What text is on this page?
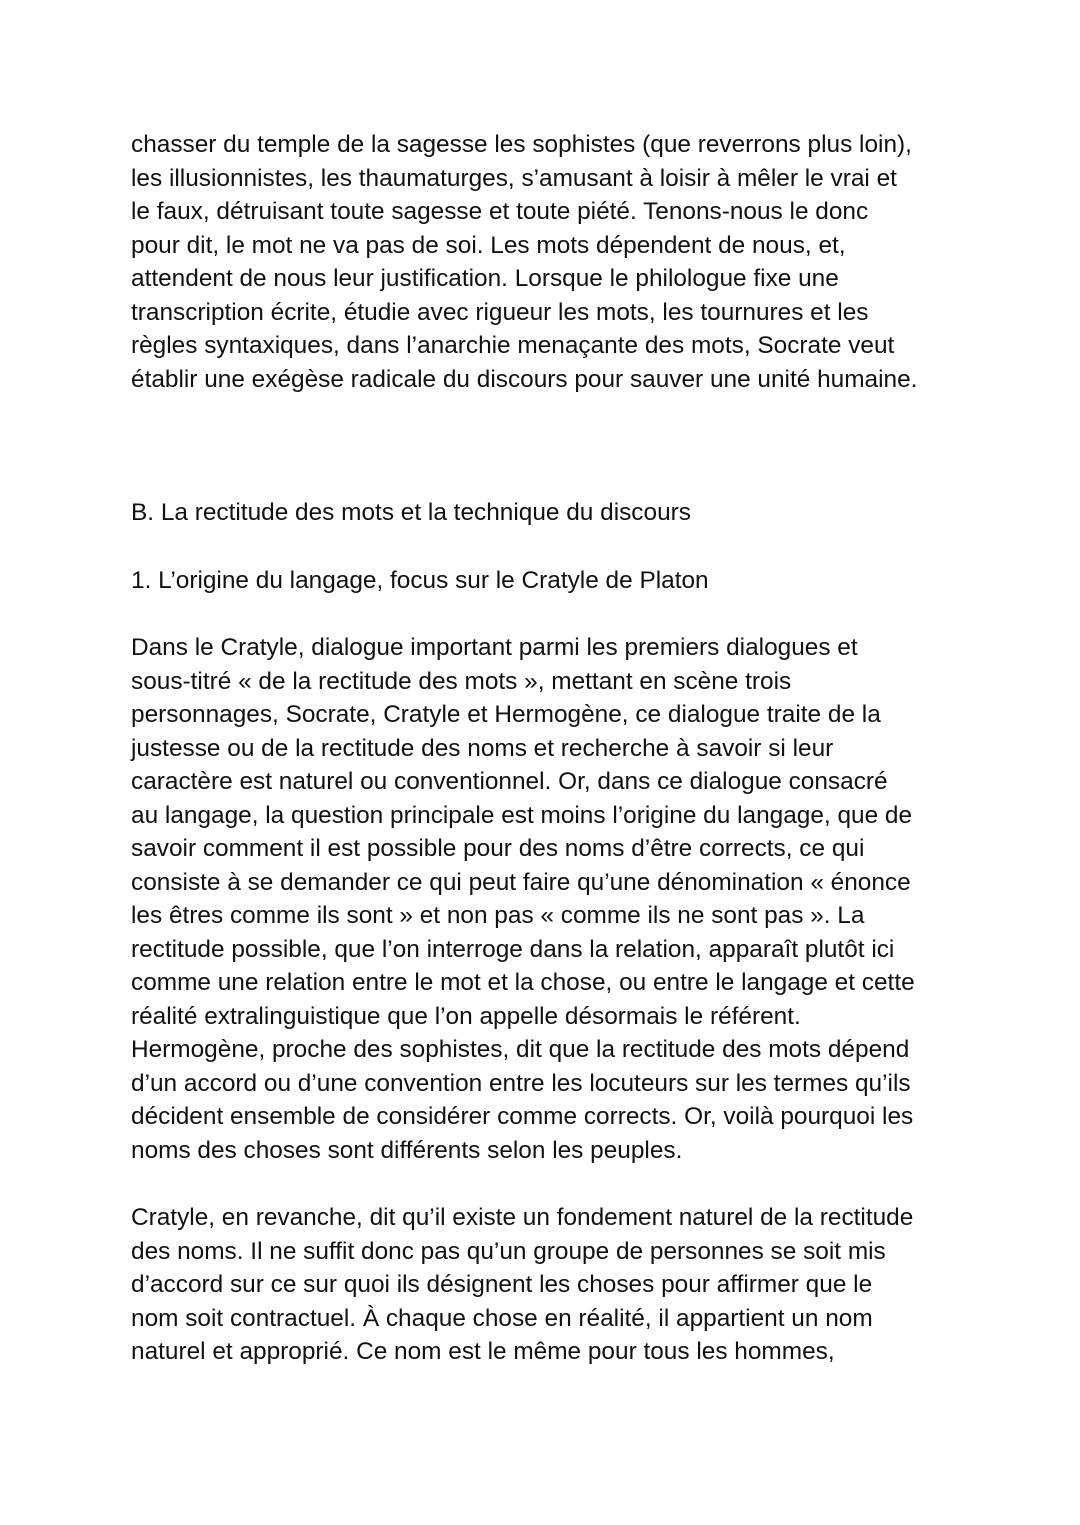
chasser du temple de la sagesse les sophistes (que reverrons plus loin),
les illusionnistes, les thaumaturges, s’amusant à loisir à mêler le vrai et
le faux, détruisant toute sagesse et toute piété. Tenons-nous le donc
pour dit, le mot ne va pas de soi. Les mots dépendent de nous, et,
attendent de nous leur justification. Lorsque le philologue fixe une
transcription écrite, étudie avec rigueur les mots, les tournures et les
règles syntaxiques, dans l’anarchie menaçante des mots, Socrate veut
établir une exégèse radicale du discours pour sauver une unité humaine.

B. La rectitude des mots et la technique du discours

1. L’origine du langage, focus sur le Cratyle de Platon

Dans le Cratyle, dialogue important parmi les premiers dialogues et
sous-titré « de la rectitude des mots », mettant en scène trois
personnages, Socrate, Cratyle et Hermogène, ce dialogue traite de la
justesse ou de la rectitude des noms et recherche à savoir si leur
caractère est naturel ou conventionnel. Or, dans ce dialogue consacré
au langage, la question principale est moins l’origine du langage, que de
savoir comment il est possible pour des noms d’être corrects, ce qui
consiste à se demander ce qui peut faire qu’une dénomination « énonce
les êtres comme ils sont » et non pas « comme ils ne sont pas ». La
rectitude possible, que l’on interroge dans la relation, apparaît plutôt ici
comme une relation entre le mot et la chose, ou entre le langage et cette
réalité extralinguistique que l’on appelle désormais le référent.
Hermogène, proche des sophistes, dit que la rectitude des mots dépend
d’un accord ou d’une convention entre les locuteurs sur les termes qu’ils
décident ensemble de considérer comme corrects. Or, voilà pourquoi les
noms des choses sont différents selon les peuples.

Cratyle, en revanche, dit qu’il existe un fondement naturel de la rectitude
des noms. Il ne suffit donc pas qu’un groupe de personnes se soit mis
d’accord sur ce sur quoi ils désignent les choses pour affirmer que le
nom soit contractuel. À chaque chose en réalité, il appartient un nom
naturel et approprié. Ce nom est le même pour tous les hommes,
